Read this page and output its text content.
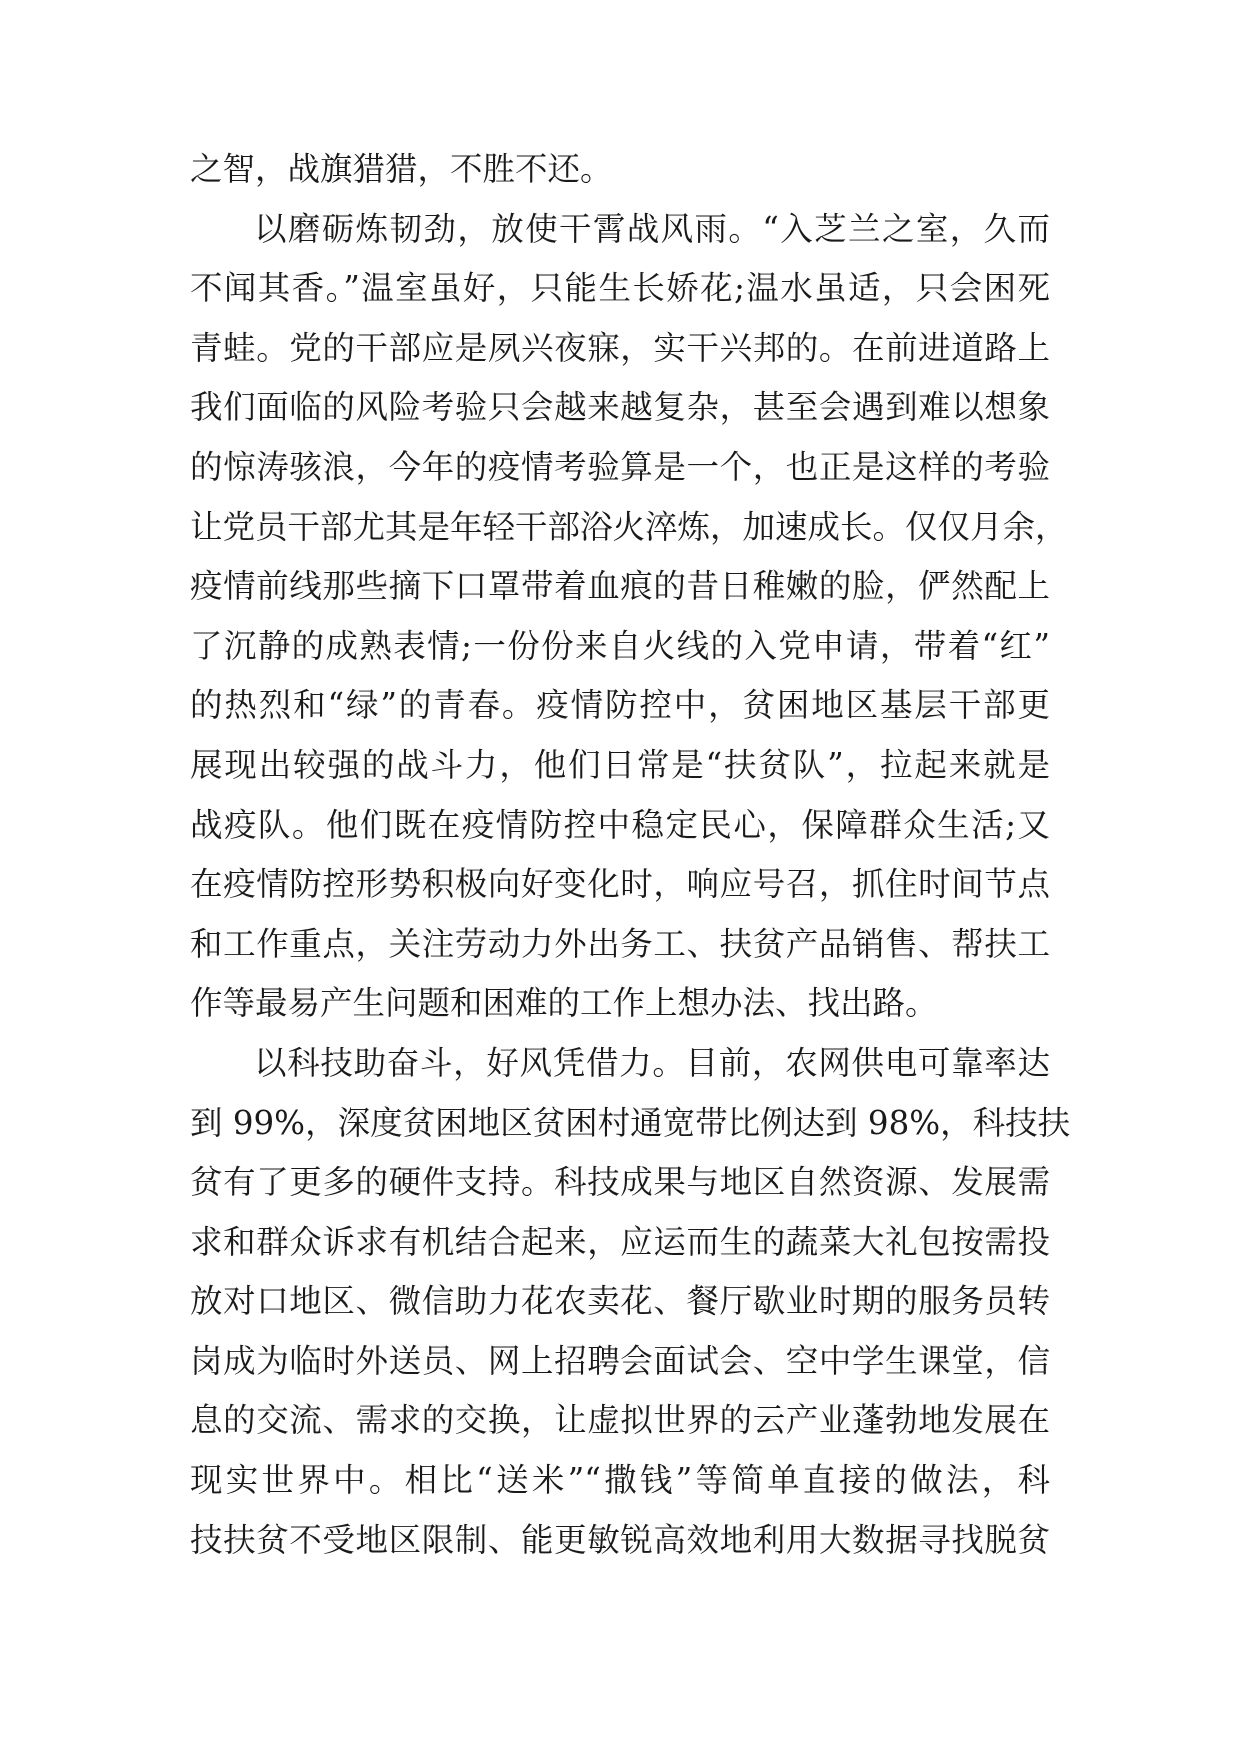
之智，战旗猎猎，不胜不还。
以磨砺炼韧劲，放使干霄战风雨。“入芝兰之室，久而
不闻其香。”温室虽好，只能生长娇花;温水虽适，只会困死
青蛙。党的干部应是夙兴夜寐，实干兴邦的。在前进道路上
我们面临的风险考验只会越来越复杂，甚至会遇到难以想象
的惊涛骇浪，今年的疫情考验算是一个，也正是这样的考验
让党员干部尤其是年轻干部浴火淬炼，加速成长。仅仅月余，
疫情前线那些摘下口罩带着血痕的昔日稚嫩的脸，俨然配上
了沉静的成熟表情;一份份来自火线的入党申请，带着“红”
的热烈和“绿”的青春。疫情防控中，贫困地区基层干部更
展现出较强的战斗力，他们日常是“扶贫队”，拉起来就是
战疫队。他们既在疫情防控中稳定民心，保障群众生活;又
在疫情防控形势积极向好变化时，响应号召，抓住时间节点
和工作重点，关注劳动力外出务工、扶贫产品销售、帮扶工
作等最易产生问题和困难的工作上想办法、找出路。
以科技助奋斗，好风凭借力。目前，农网供电可靠率达
到 99%，深度贫困地区贫困村通宽带比例达到 98%，科技扶
贫有了更多的硬件支持。科技成果与地区自然资源、发展需
求和群众诉求有机结合起来，应运而生的蔬菜大礼包按需投
放对口地区、微信助力花农卖花、餐厅歇业时期的服务员转
岗成为临时外送员、网上招聘会面试会、空中学生课堂，信
息的交流、需求的交换，让虚拟世界的云产业蓬勃地发展在
现实世界中。相比“送米”“撒钱”等简单直接的做法，科
技扶贫不受地区限制、能更敏锐高效地利用大数据寻找脱贫
